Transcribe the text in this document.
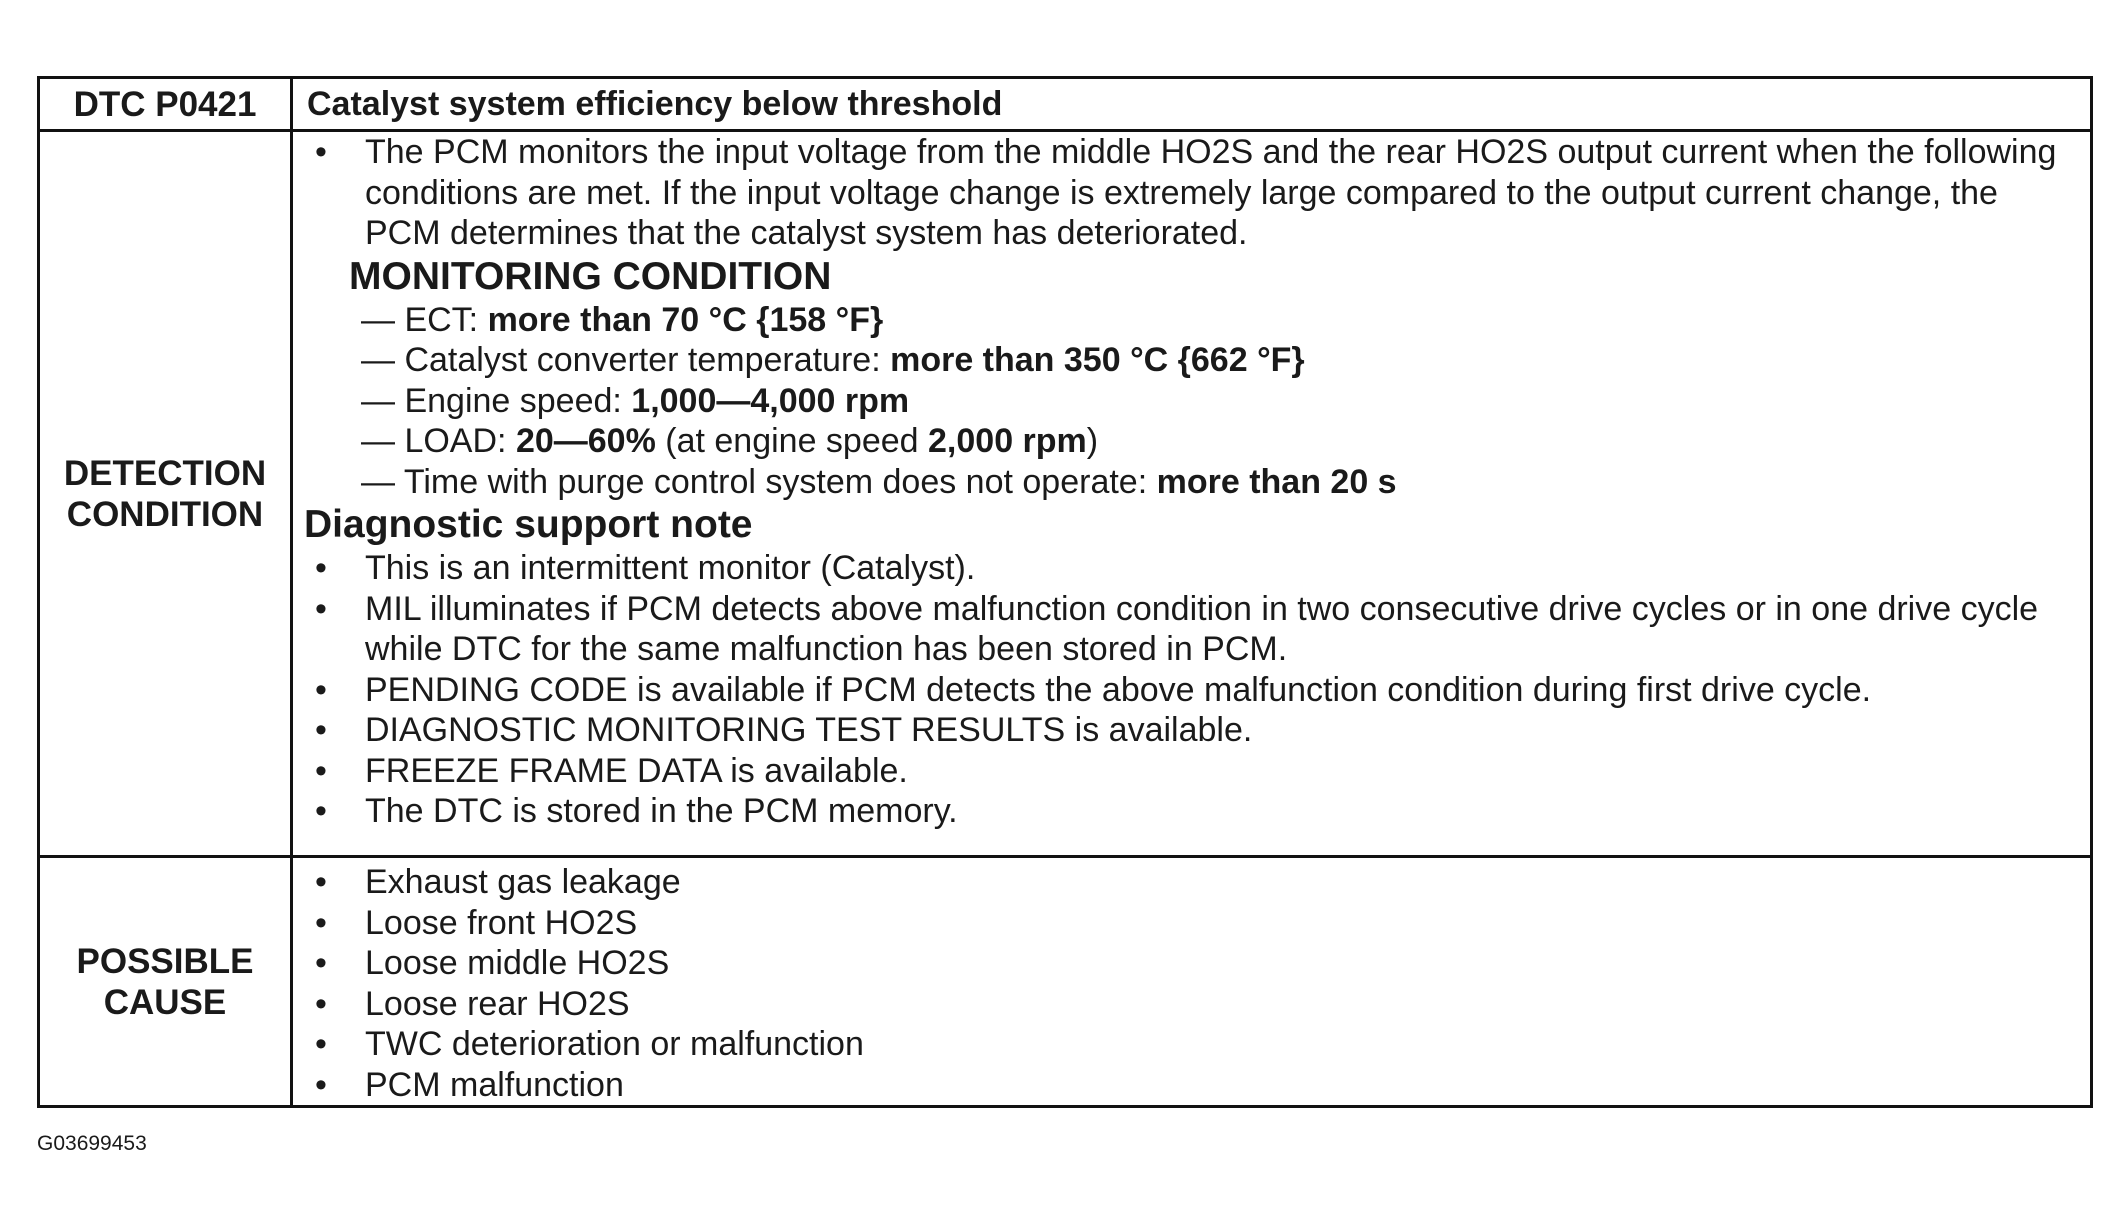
DTC P0421 Catalyst system efficiency below threshold
DETECTION
CONDITION

• The PCM monitors the input voltage from the middle HO2S and the rear HO2S output current when the following conditions are met. If the input voltage change is extremely large compared to the output current change, the PCM determines that the catalyst system has deteriorated.

MONITORING CONDITION

— ECT: more than 70 °C {158 °F}

— Catalyst converter temperature: more than 350 °C {662 °F}

— Engine speed: 1,000—4,000 rpm

— LOAD: 20—60% (at engine speed 2,000 rpm)

— Time with purge control system does not operate: more than 20 s

Diagnostic support note

• This is an intermittent monitor (Catalyst).

• MIL illuminates if PCM detects above malfunction condition in two consecutive drive cycles or in one drive cycle while DTC for the same malfunction has been stored in PCM.

• PENDING CODE is available if PCM detects the above malfunction condition during first drive cycle.

• DIAGNOSTIC MONITORING TEST RESULTS is available.

• FREEZE FRAME DATA is available.

• The DTC is stored in the PCM memory.

POSSIBLE
CAUSE

• Exhaust gas leakage

• Loose front HO2S

• Loose middle HO2S

• Loose rear HO2S

• TWC deterioration or malfunction

• PCM malfunction

G03699453
